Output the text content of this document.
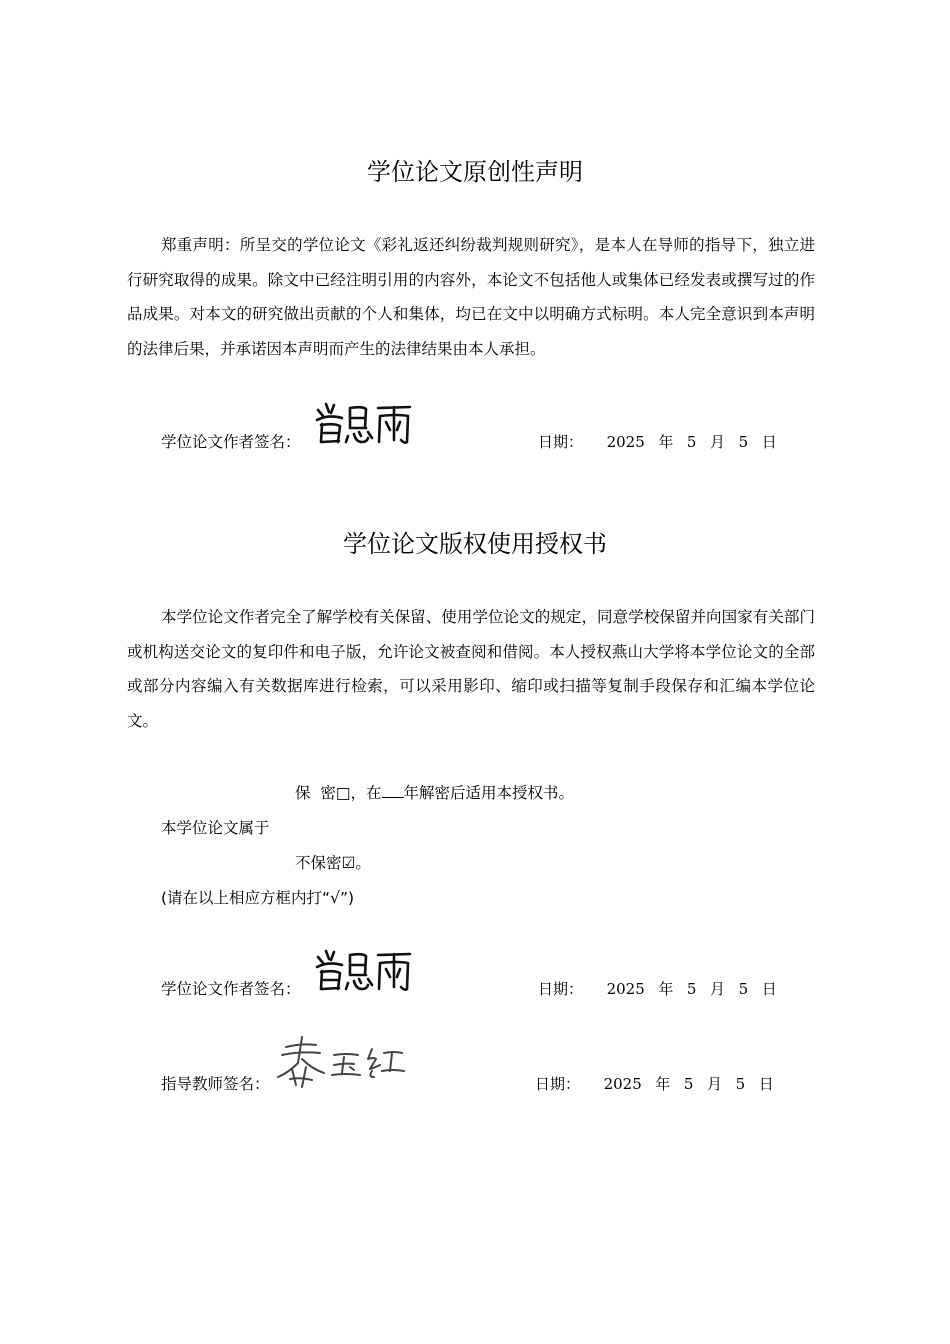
学位论文原创性声明

郑重声明：所呈交的学位论文《彩礼返还纠纷裁判规则研究》，是本人在导师的指导下，独立进行研究取得的成果。除文中已经注明引用的内容外，本论文不包括他人或集体已经发表或撰写过的作品成果。对本文的研究做出贡献的个人和集体，均已在文中以明确方式标明。本人完全意识到本声明的法律后果，并承诺因本声明而产生的法律结果由本人承担。

学位论文作者签名：	日期： 2025 年 5 月 5 日
学位论文版权使用授权书

本学位论文作者完全了解学校有关保留、使用学位论文的规定，同意学校保留并向国家有关部门或机构送交论文的复印件和电子版，允许论文被查阅和借阅。本人授权燕山大学将本学位论文的全部或部分内容编入有关数据库进行检索，可以采用影印、缩印或扫描等复制手段保存和汇编本学位论文。

保  密□，在 年解密后适用本授权书。
本学位论文属于
不保密☑。
(请在以上相应方框内打“√”)
学位论文作者签名：	日期： 2025 年 5 月 5 日
指导教师签名：	日期： 2025 年 5 月 5 日
